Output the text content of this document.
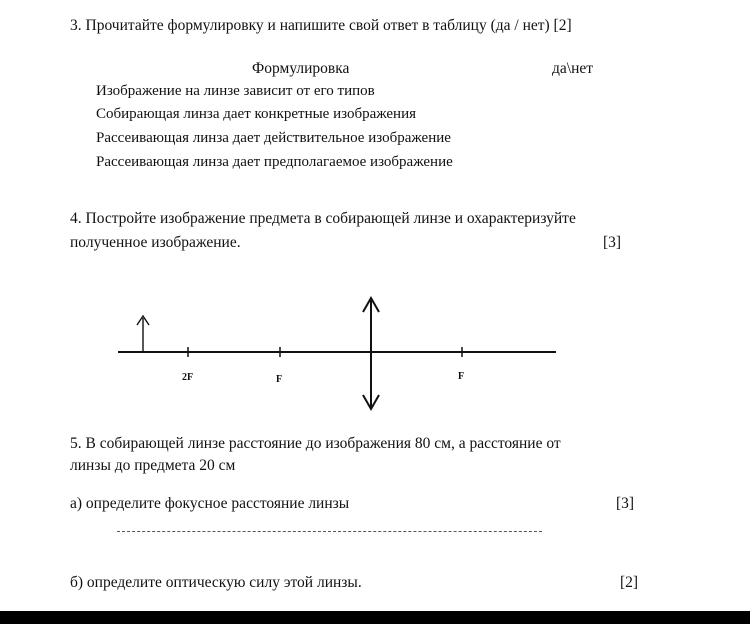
3. Прочитайте формулировку и напишите свой ответ в таблицу (да / нет) [2]
Формулировка	да\нет
Изображение на линзе зависит от его типов
Собирающая линза дает конкретные изображения
Рассеивающая линза дает действительное изображение
Рассеивающая линза дает предполагаемое изображение
4. Постройте изображение предмета в собирающей линзе и охарактеризуйте
полученное изображение.	[3]
2F	F	F
5. В собирающей линзе расстояние до изображения 80 см, а расстояние от
линзы до предмета 20 см
а) определите фокусное расстояние линзы	[3]
б) определите оптическую силу этой линзы.	[2]
